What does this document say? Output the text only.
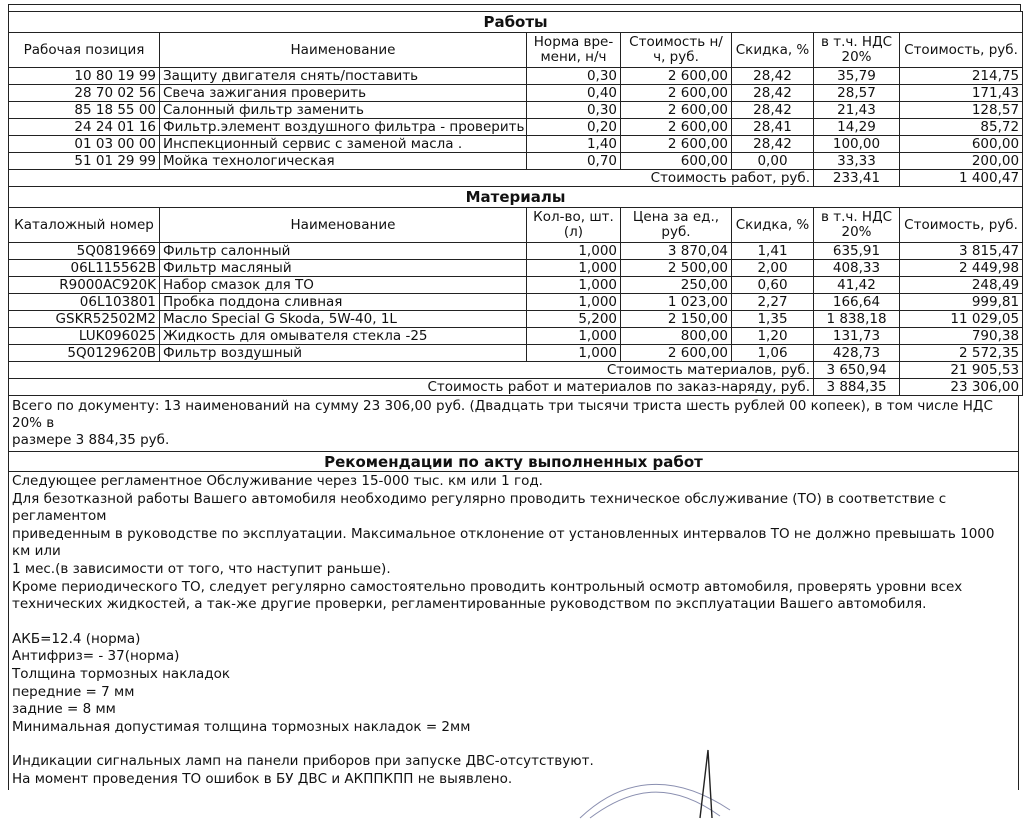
Работы						
Рабочая позиция	Наименование	Норма вре-мени, н/ч	Стоимость н/ч, руб.	Скидка, %	в т.ч. НДС 20%	Стоимость, руб.
10 80 19 99	Защиту двигателя снять/поставить	0,30	2 600,00	28,42	35,79	214,75
28 70 02 56	Свеча зажигания проверить	0,40	2 600,00	28,42	28,57	171,43
85 18 55 00	Салонный фильтр заменить	0,30	2 600,00	28,42	21,43	128,57
24 24 01 16	Фильтр.элемент воздушного фильтра - проверить	0,20	2 600,00	28,41	14,29	85,72
01 03 00 00	Инспекционный сервис с заменой масла .	1,40	2 600,00	28,42	100,00	600,00
51 01 29 99	Мойка технологическая	0,70	600,00	0,00	33,33	200,00
Стоимость работ, руб.					233,41	1 400,47
Материалы						
Каталожный номер	Наименование	Кол-во, шт. (л)	Цена за ед., руб.	Скидка, %	в т.ч. НДС 20%	Стоимость, руб.
5Q0819669	Фильтр салонный	1,000	3 870,04	1,41	635,91	3 815,47
06L115562B	Фильтр масляный	1,000	2 500,00	2,00	408,33	2 449,98
R9000AC920K	Набор смазок для ТО	1,000	250,00	0,60	41,42	248,49
06L103801	Пробка поддона сливная	1,000	1 023,00	2,27	166,64	999,81
GSKR52502M2	Масло Special G Skoda, 5W-40, 1L	5,200	2 150,00	1,35	1 838,18	11 029,05
LUK096025	Жидкость для омывателя стекла -25	1,000	800,00	1,20	131,73	790,38
5Q0129620B	Фильтр воздушный	1,000	2 600,00	1,06	428,73	2 572,35
Стоимость материалов, руб.					3 650,94	21 905,53
Стоимость работ и материалов по заказ-наряду, руб.					3 884,35	23 306,00
Всего по документу: 13 наименований на сумму 23 306,00 руб. (Двадцать три тысячи триста шесть рублей 00 копеек), в том числе НДС 20% в
размере 3 884,35 руб.
Рекомендации по акту выполненных работ

Следующее регламентное Обслуживание через 15-000 тыс. км или 1 год.

Для безотказной работы Вашего автомобиля необходимо регулярно проводить техническое обслуживание (ТО) в соответствие с регламентом

приведенным в руководстве по эксплуатации. Максимальное отклонение от установленных интервалов ТО не должно превышать 1000 км или

1 мес.(в зависимости от того, что наступит раньше).

Кроме периодического ТО, следует регулярно самостоятельно проводить контрольный осмотр автомобиля, проверять уровни всех

технических жидкостей, а так-же другие проверки, регламентированные руководством по эксплуатации Вашего автомобиля.

АКБ=12.4 (норма)

Антифриз= - 37(норма)

Толщина тормозных накладок

передние = 7 мм

задние = 8 мм

Минимальная допустимая толщина тормозных накладок = 2мм

Индикации сигнальных ламп на панели приборов при запуске ДВС-отсутствуют.

На момент проведения ТО ошибок в БУ ДВС и АКППКПП не выявлено.
